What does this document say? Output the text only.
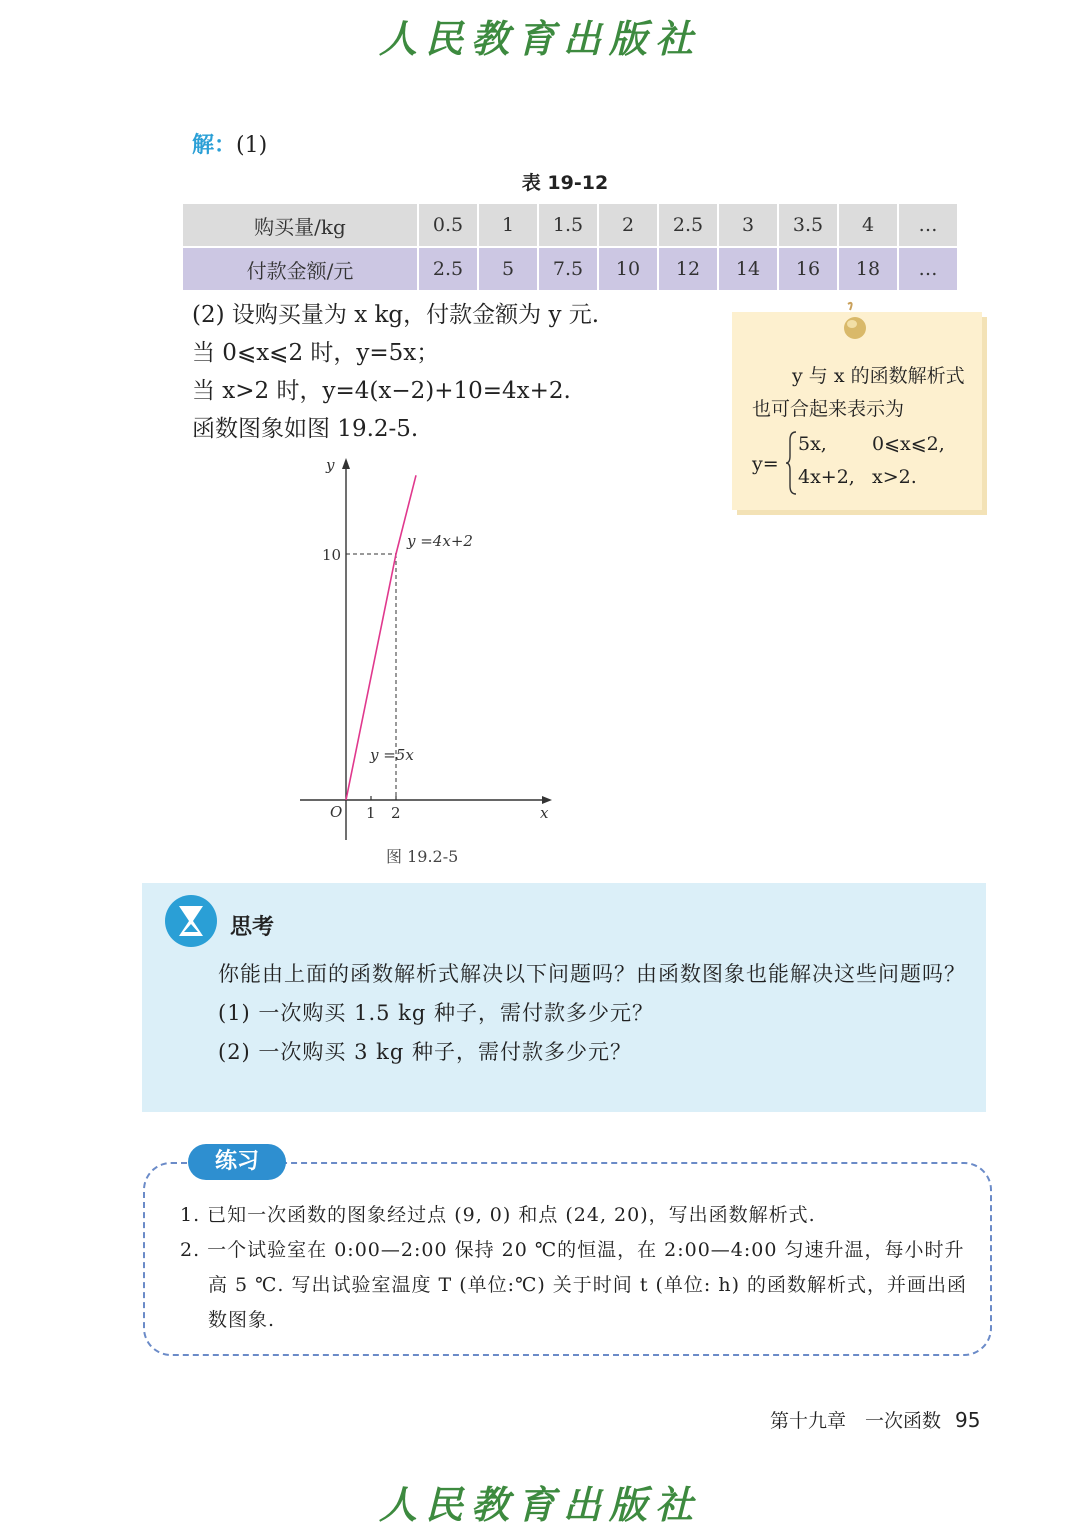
人民教育出版社
解：(1)
表 19-12
购买量/kg	0.5	1	1.5	2	2.5	3	3.5	4	…
付款金额/元	2.5	5	7.5	10	12	14	16	18	…
(2) 设购买量为 x kg，付款金额为 y 元.
当 0⩽x⩽2 时，y=5x；
当 x>2 时，y=4(x−2)+10=4x+2.
函数图象如图 19.2-5.
y 与 x 的函数解析式也可合起来表示为
y=
5x, 0⩽x⩽2,
4x+2, x>2.
y
x
O 1 2
10
y =4x+2
y =5x
图 19.2-5
思考
你能由上面的函数解析式解决以下问题吗？由函数图象也能解决这些问题吗？
(1) 一次购买 1.5 kg 种子，需付款多少元？
(2) 一次购买 3 kg 种子，需付款多少元？
练习
1. 已知一次函数的图象经过点 (9, 0) 和点 (24, 20)，写出函数解析式.
2. 一个试验室在 0:00—2:00 保持 20 ℃的恒温，在 2:00—4:00 匀速升温，每小时升高 5 ℃. 写出试验室温度 T (单位:℃) 关于时间 t (单位: h) 的函数解析式，并画出函数图象.
第十九章　一次函数 95
人民教育出版社
